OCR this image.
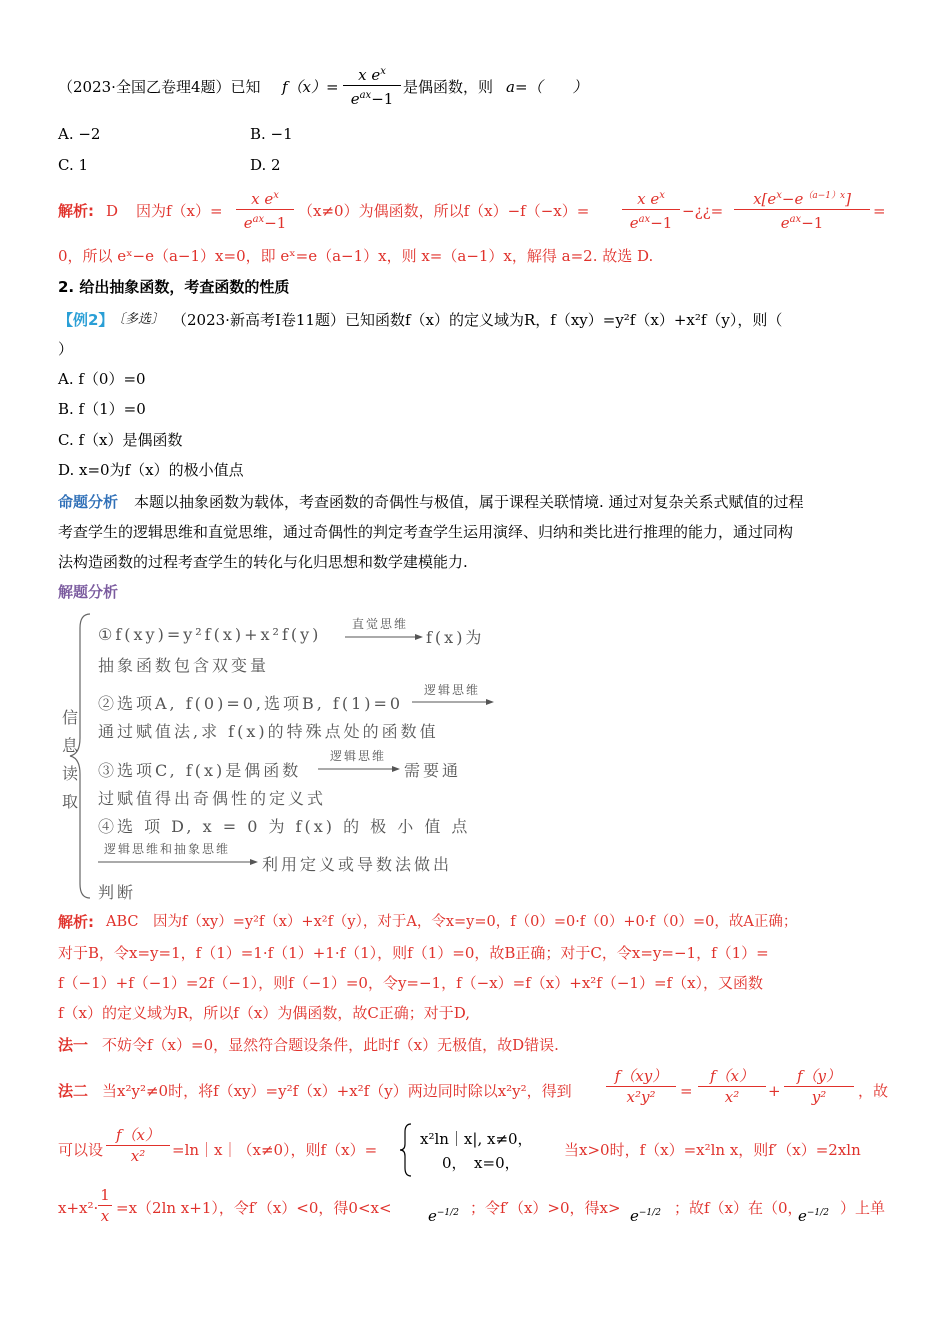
（2023·全国乙卷理4题）已知 f（x）=
x $e^x$
$e^{ax}-1$
是偶函数，则 a=（　　）
A. −2	B. −1
C. 1	D. 2
解析: D 因为f（x）=
x $e^x$
$e^{ax}-1$
（x≠0）为偶函数，所以f（x）−f（−x）=
x $e^x$
$e^{ax}-1$
−¿¿=
$x[e^x-e^{(a-1)x}]$
$e^{ax}-1$
=
0，所以 eˣ−e（a−1）x=0，即 eˣ=e（a−1）x，则 x=（a−1）x，解得 a=2. 故选 D.
2. 给出抽象函数，考查函数的性质
【例2】
〔多选〕 （2023·新高考Ⅰ卷11题）已知函数f（x）的定义域为R，f（xy）=y²f（x）+x²f（y），则（
）
A. f（0）=0
B. f（1）=0
C. f（x）是偶函数
D. x=0为f（x）的极小值点
命题分析 本题以抽象函数为载体，考查函数的奇偶性与极值，属于课程关联情境. 通过对复杂关系式赋值的过程
考查学生的逻辑思维和直觉思维，通过奇偶性的判定考查学生运用演绎、归纳和类比进行推理的能力，通过同构
法构造函数的过程考查学生的转化与化归思想和数学建模能力.
解题分析
信
息
读
取
①f(xy)=y²f(x)+x²f(y)
直觉思维
f(x)为
抽象函数包含双变量
②选项A, f(0)=0,选项B, f(1)=0
逻辑思维
通过赋值法,求 f(x)的特殊点处的函数值
③选项C, f(x)是偶函数
逻辑思维
需要通
过赋值得出奇偶性的定义式
④选 项 D, x = 0 为 f(x) 的 极 小 值 点
逻辑思维和抽象思维
利用定义或导数法做出
判断
解析: ABC　因为f（xy）=y²f（x）+x²f（y），对于A，令x=y=0，f（0）=0·f（0）+0·f（0）=0，故A正确；
对于B，令x=y=1，f（1）=1·f（1）+1·f（1），则f（1）=0，故B正确；对于C，令x=y=−1，f（1）=
f（−1）+f（−1）=2f（−1），则f（−1）=0，令y=−1，f（−x）=f（x）+x²f（−1）=f（x），又函数
f（x）的定义域为R，所以f（x）为偶函数，故C正确；对于D,
法一 不妨令f（x）=0，显然符合题设条件，此时f（x）无极值，故D错误.
法二 当x²y²≠0时，将f（xy）=y²f（x）+x²f（y）两边同时除以x²y²，得到
f（xy）
x²y²	=
f（x）
x²	+
f（y）
y²	，故
可以设
f（x）
x²	=ln｜x｜（x≠0），则f（x）=
x²ln｜x|, x≠0，
0，　x=0，
当x>0时，f（x）=x²ln x，则f′（x）=2xln
x+x²·
1
x =x（2ln x+1），令f′（x）<0，得$0<x< e^{-1/2}$ ；令f′（x）>0，得$x> e^{-1/2}$ ；故f（x）在（0，
$e^{-1/2}$ ）上单
